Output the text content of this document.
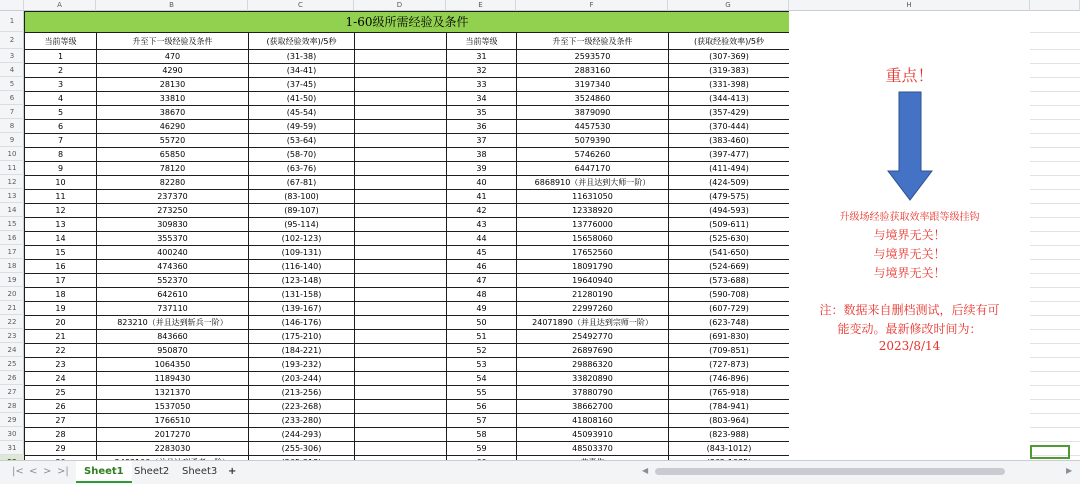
A	B	C	D	E	F	G	H
1
2
3
4
5
6
7
8
9
10
11
12
13
14
15
16
17
18
19
20
21
22
23
24
25
26
27
28
29
30
31
1-60级所需经验及条件						
当前等级	升至下一级经验及条件	(获取经验效率)/5秒		当前等级	升至下一级经验及条件	(获取经验效率)/5秒
1	470	(31-38)		31	2593570	(307-369)
2	4290	(34-41)		32	2883160	(319-383)
3	28130	(37-45)		33	3197340	(331-398)
4	33810	(41-50)		34	3524860	(344-413)
5	38670	(45-54)		35	3879090	(357-429)
6	46290	(49-59)		36	4457530	(370-444)
7	55720	(53-64)		37	5079390	(383-460)
8	65850	(58-70)		38	5746260	(397-477)
9	78120	(63-76)		39	6447170	(411-494)
10	82280	(67-81)		40	6868910（并且达到大师一阶）	(424-509)
11	237370	(83-100)		41	11631050	(479-575)
12	273250	(89-107)		42	12338920	(494-593)
13	309830	(95-114)		43	13776000	(509-611)
14	355370	(102-123)		44	15658060	(525-630)
15	400240	(109-131)		45	17652560	(541-650)
16	474360	(116-140)		46	18091790	(524-669)
17	552370	(123-148)		47	19640940	(573-688)
18	642610	(131-158)		48	21280190	(590-708)
19	737110	(139-167)		49	22997260	(607-729)
20	823210（并且达到斩兵一阶）	(146-176)		50	24071890（并且达到宗师一阶）	(623-748)
21	843660	(175-210)		51	25492770	(691-830)
22	950870	(184-221)		52	26897690	(709-851)
23	1064350	(193-232)		53	29886320	(727-873)
24	1189430	(203-244)		54	33820890	(746-896)
25	1321370	(213-256)		55	37880790	(765-918)
26	1537050	(223-268)		56	38662700	(784-941)
27	1766510	(233-280)		57	41808160	(803-964)
28	2017270	(244-293)		58	45093910	(823-988)
29	2283030	(255-306)		59	48503370	(843-1012)

重点！
升级场经验获取效率跟等级挂钩
与境界无关！
与境界无关！
与境界无关！
注：数据来自删档测试，后续有可
能变动。最新修改时间为：
2023/8/14
|< < > >|	Sheet1	Sheet2	Sheet3	+	◀	▶
